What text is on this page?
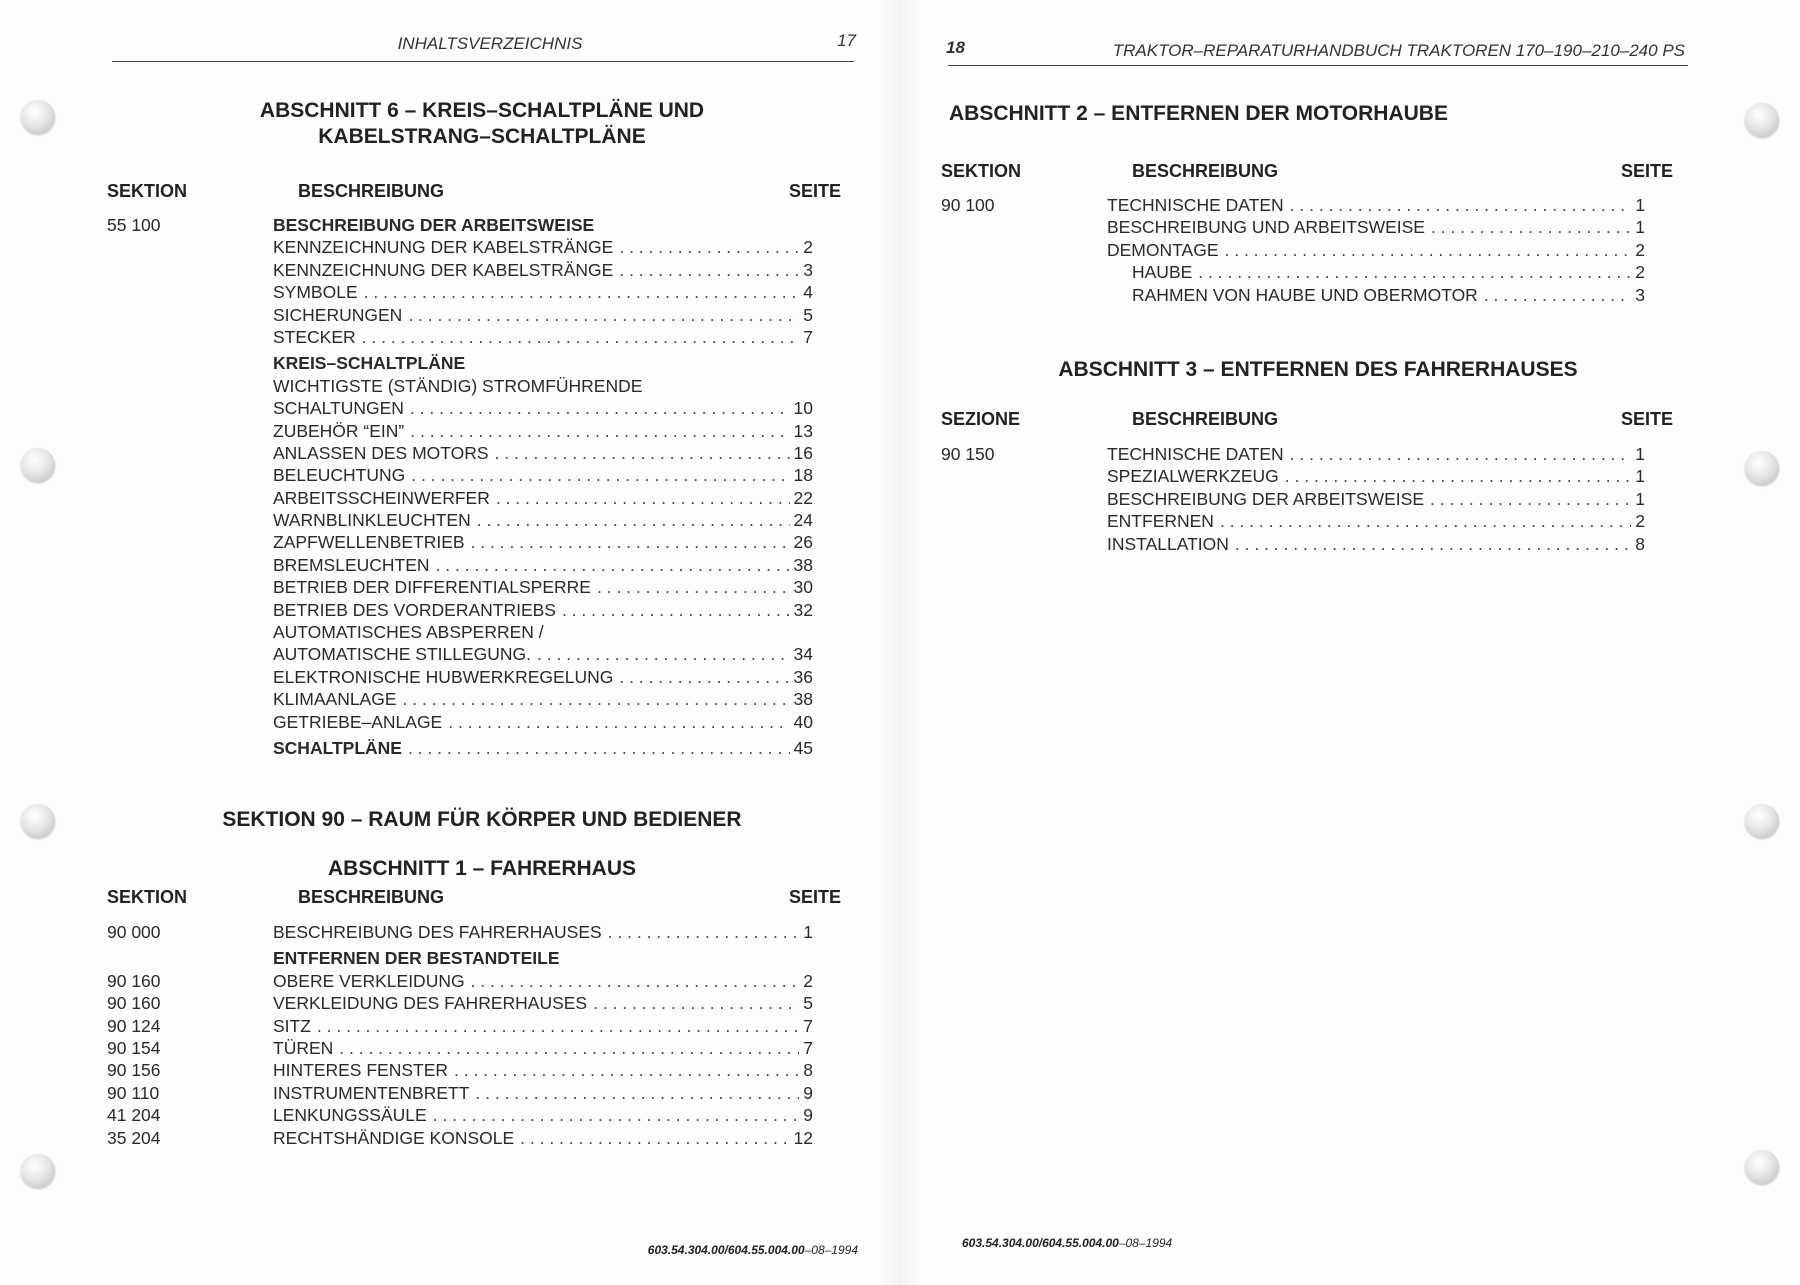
INHALTSVERZEICHNIS	17
ABSCHNITT 6 – KREIS–SCHALTPLÄNE UND
KABELSTRANG–SCHALTPLÄNE
SEKTION	BESCHREIBUNG	SEITE
55 100	BESCHREIBUNG DER ARBEITSWEISE
KENNZEICHNUNG DER KABELSTRÄNGE . . .	2
KENNZEICHNUNG DER KABELSTRÄNGE . . .	3
SYMBOLE . . .	4
SICHERUNGEN . . .	5
STECKER . . .	7
KREIS–SCHALTPLÄNE
WICHTIGSTE (STÄNDIG) STROMFÜHRENDE
SCHALTUNGEN . . .	10
ZUBEHÖR “EIN” . . .	13
ANLASSEN DES MOTORS . . .	16
BELEUCHTUNG . . .	18
ARBEITSSCHEINWERFER . . .	22
WARNBLINKLEUCHTEN . . .	24
ZAPFWELLENBETRIEB . . .	26
BREMSLEUCHTEN . . .	38
BETRIEB DER DIFFERENTIALSPERRE . . .	30
BETRIEB DES VORDERANTRIEBS . . .	32
AUTOMATISCHES ABSPERREN /
AUTOMATISCHE STILLEGUNG. . . .	34
ELEKTRONISCHE HUBWERKREGELUNG . . .	36
KLIMAANLAGE . . .	38
GETRIEBE–ANLAGE . . .	40
SCHALTPLÄNE . . .	45
SEKTION 90 – RAUM FÜR KÖRPER UND BEDIENER
ABSCHNITT 1 – FAHRERHAUS
SEKTION	BESCHREIBUNG	SEITE
90 000	BESCHREIBUNG DES FAHRERHAUSES . . .	1
ENTFERNEN DER BESTANDTEILE
90 160	OBERE VERKLEIDUNG . . .	2
90 160	VERKLEIDUNG DES FAHRERHAUSES . . .	5
90 124	SITZ . . .	7
90 154	TÜREN . . .	7
90 156	HINTERES FENSTER . . .	8
90 110	INSTRUMENTENBRETT . . .	9
41 204	LENKUNGSSÄULE . . .	9
35 204	RECHTSHÄNDIGE KONSOLE . . .	12
603.54.304.00/604.55.004.00–08–1994
18	TRAKTOR–REPARATURHANDBUCH TRAKTOREN 170–190–210–240 PS
ABSCHNITT 2 – ENTFERNEN DER MOTORHAUBE
SEKTION	BESCHREIBUNG	SEITE
90 100	TECHNISCHE DATEN . . .	1
BESCHREIBUNG UND ARBEITSWEISE . . .	1
DEMONTAGE . . .	2
HAUBE . . .	2
RAHMEN VON HAUBE UND OBERMOTOR . . .	3
ABSCHNITT 3 – ENTFERNEN DES FAHRERHAUSES
SEZIONE	BESCHREIBUNG	SEITE
90 150	TECHNISCHE DATEN . . .	1
SPEZIALWERKZEUG . . .	1
BESCHREIBUNG DER ARBEITSWEISE . . .	1
ENTFERNEN . . .	2
INSTALLATION . . .	8
603.54.304.00/604.55.004.00–08–1994
